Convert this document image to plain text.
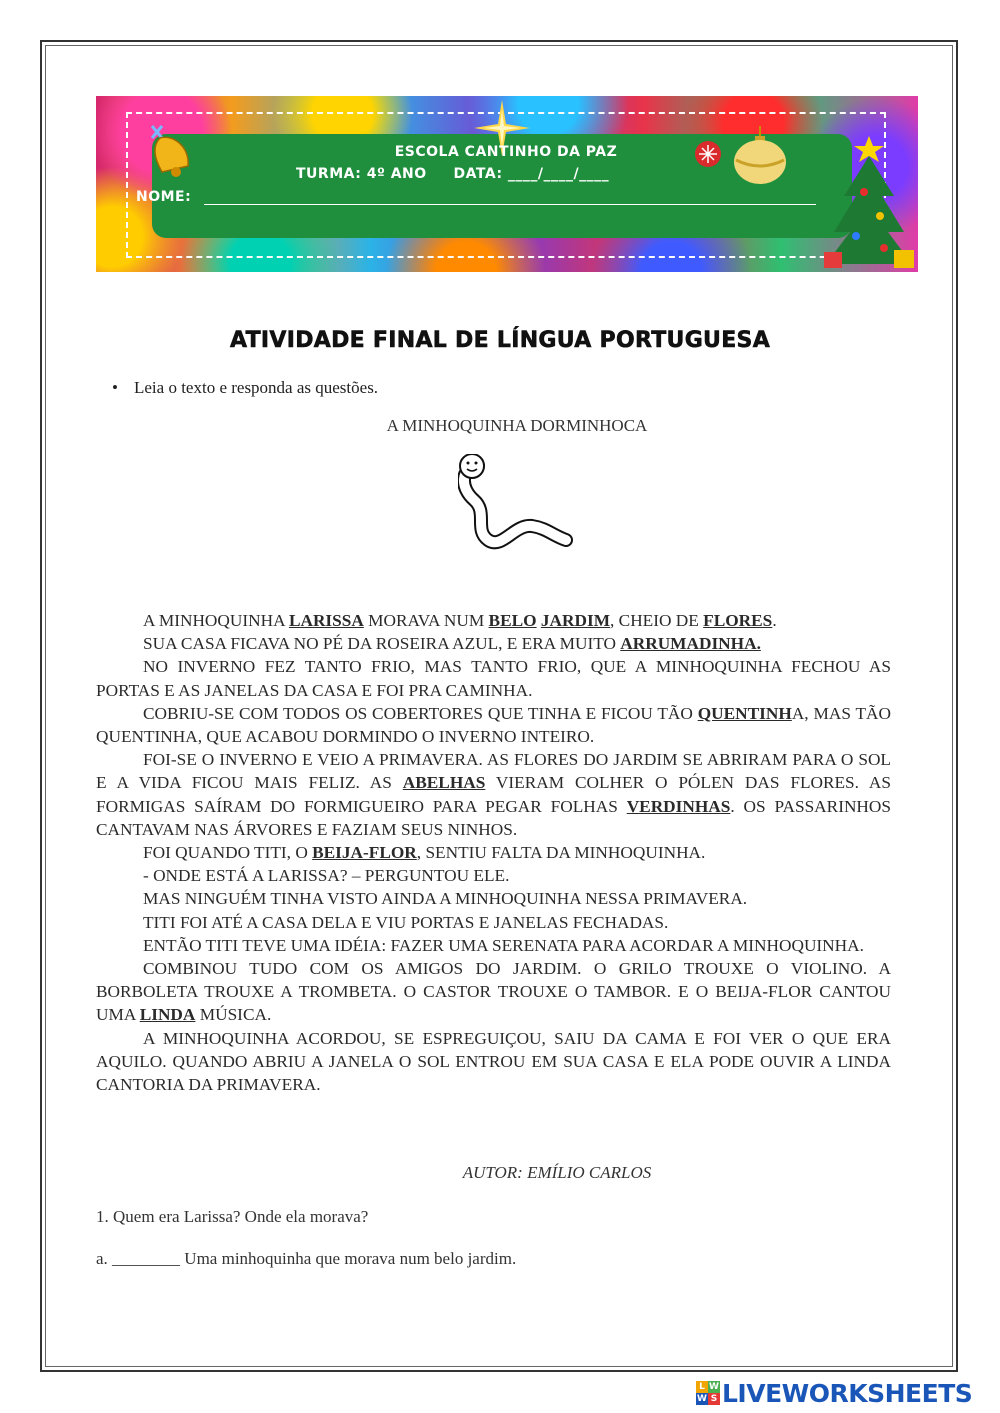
ESCOLA CANTINHO DA PAZ
TURMA: 4º ANO     DATA: ____/____/____
NOME:
ATIVIDADE FINAL DE LÍNGUA PORTUGUESA
• Leia o texto e responda as questões.
A MINHOQUINHA DORMINHOCA

A MINHOQUINHA LARISSA MORAVA NUM BELO JARDIM, CHEIO DE FLORES.

SUA CASA FICAVA NO PÉ DA ROSEIRA AZUL, E ERA MUITO ARRUMADINHA.

NO INVERNO FEZ TANTO FRIO, MAS TANTO FRIO, QUE A MINHOQUINHA FECHOU AS PORTAS E AS JANELAS DA CASA E FOI PRA CAMINHA.

COBRIU-SE COM TODOS OS COBERTORES QUE TINHA E FICOU TÃO QUENTINHA, MAS TÃO QUENTINHA, QUE ACABOU DORMINDO O INVERNO INTEIRO.

FOI-SE O INVERNO E VEIO A PRIMAVERA. AS FLORES DO JARDIM SE ABRIRAM PARA O SOL E A VIDA FICOU MAIS FELIZ. AS ABELHAS VIERAM COLHER O PÓLEN DAS FLORES. AS FORMIGAS SAÍRAM DO FORMIGUEIRO PARA PEGAR FOLHAS VERDINHAS. OS PASSARINHOS CANTAVAM NAS ÁRVORES E FAZIAM SEUS NINHOS.

FOI QUANDO TITI, O BEIJA-FLOR, SENTIU FALTA DA MINHOQUINHA.

- ONDE ESTÁ A LARISSA? – PERGUNTOU ELE.

MAS NINGUÉM TINHA VISTO AINDA A MINHOQUINHA NESSA PRIMAVERA.

TITI FOI ATÉ A CASA DELA E VIU PORTAS E JANELAS FECHADAS.

ENTÃO TITI TEVE UMA IDÉIA: FAZER UMA SERENATA PARA ACORDAR A MINHOQUINHA.

COMBINOU TUDO COM OS AMIGOS DO JARDIM. O GRILO TROUXE O VIOLINO. A BORBOLETA TROUXE A TROMBETA. O CASTOR TROUXE O TAMBOR. E O BEIJA-FLOR CANTOU UMA LINDA MÚSICA.

A MINHOQUINHA ACORDOU, SE ESPREGUIÇOU, SAIU DA CAMA E FOI VER O QUE ERA AQUILO. QUANDO ABRIU A JANELA O SOL ENTROU EM SUA CASA E ELA PODE OUVIR A LINDA CANTORIA DA PRIMAVERA.

AUTOR: EMÍLIO CARLOS
1. Quem era Larissa? Onde ela morava?
a. ________ Uma minhoquinha que morava num belo jardim.
L W
W S LIVEWORKSHEETS
